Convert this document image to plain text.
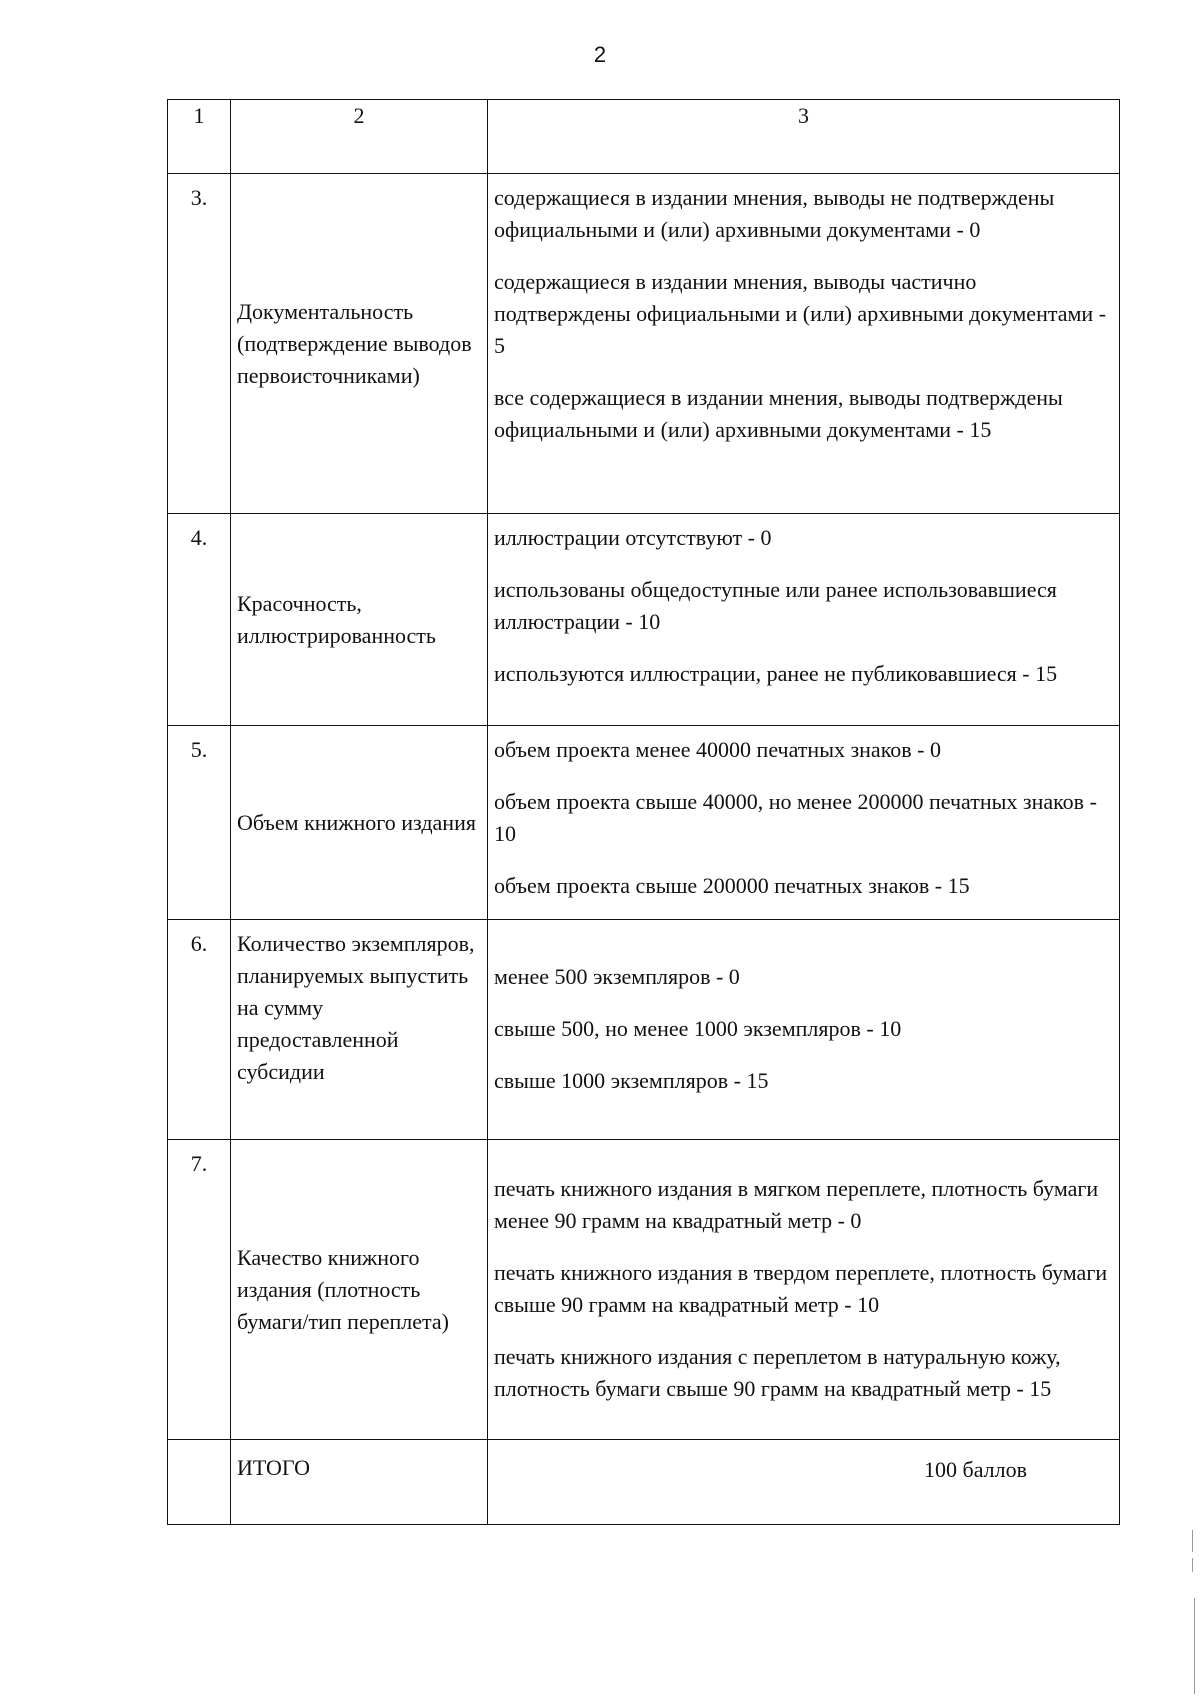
2
1	2	3
3.	Документальность (подтверждение выводов первоисточниками)	содержащиеся в издании мнения, выводы не подтверждены официальными и (или) архивными документами - 0
содержащиеся в издании мнения, выводы частично подтверждены официальными и (или) архивными документами - 5
все содержащиеся в издании мнения, выводы подтверждены официальными и (или) архивными документами - 15

4.	Красочность, иллюстрированность	иллюстрации отсутствуют - 0
использованы общедоступные или ранее использовавшиеся иллюстрации - 10
используются иллюстрации, ранее не публиковавшиеся - 15

5.	Объем книжного издания	объем проекта менее 40000 печатных знаков - 0
объем проекта свыше 40000, но менее 200000 печатных знаков - 10
объем проекта свыше 200000 печатных знаков - 15

6.	Количество экземпляров, планируемых выпустить на сумму предоставленной субсидии	менее 500 экземпляров - 0
свыше 500, но менее 1000 экземпляров - 10
свыше 1000 экземпляров - 15

7.	Качество книжного издания (плотность бумаги/тип переплета)	печать книжного издания в мягком переплете, плотность бумаги менее 90 грамм на квадратный метр - 0
печать книжного издания в твердом переплете, плотность бумаги свыше 90 грамм на квадратный метр - 10
печать книжного издания с переплетом в натуральную кожу, плотность бумаги свыше 90 грамм на квадратный метр - 15

	ИТОГО	100 баллов
